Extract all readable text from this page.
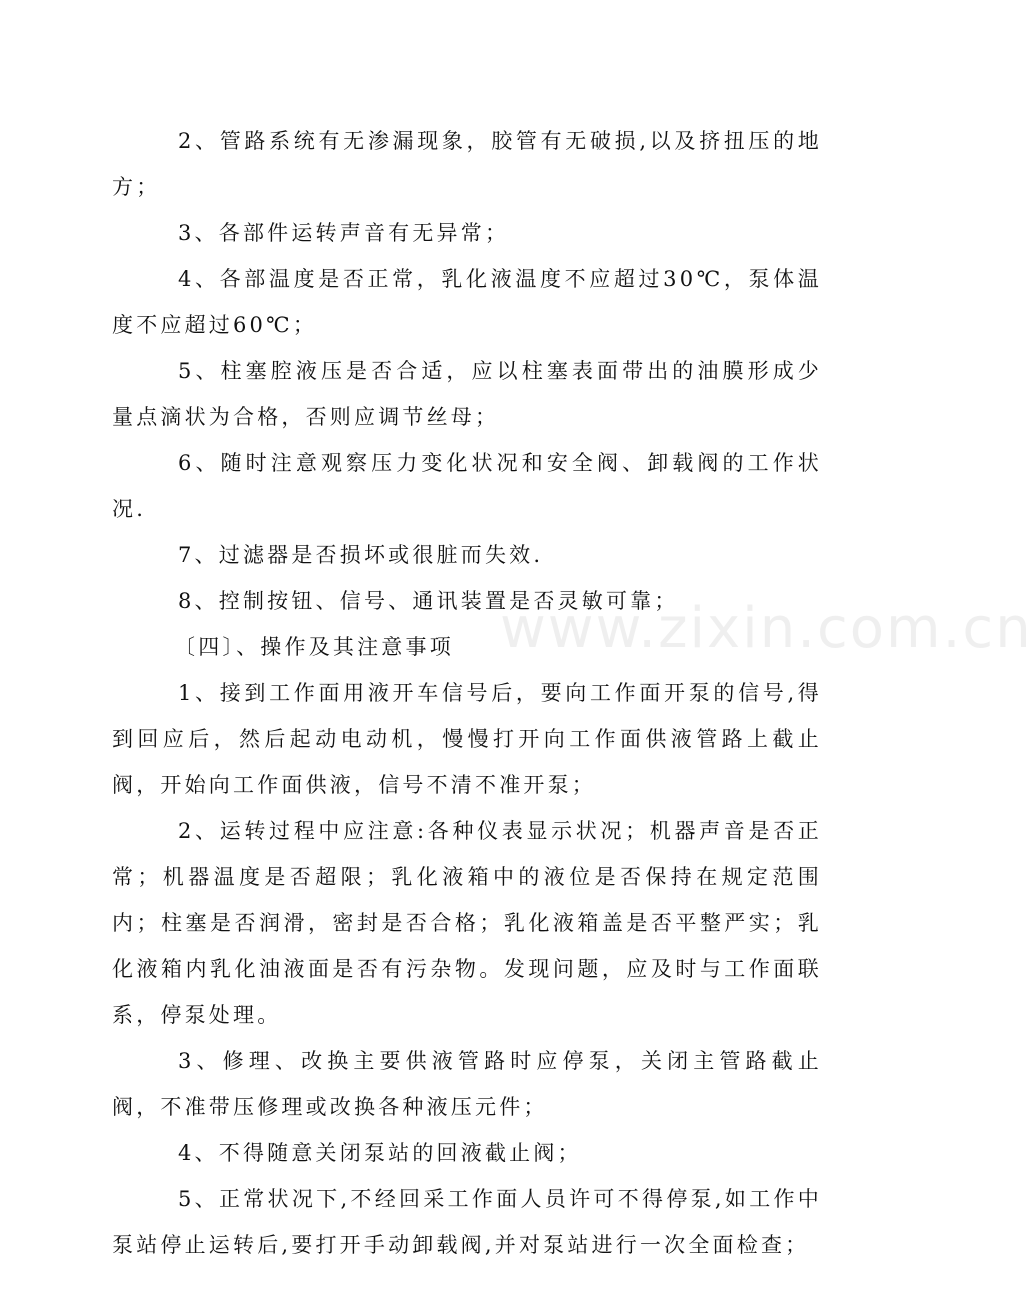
2、管路系统有无渗漏现象，胶管有无破损,以及挤扭压的地方；

3、各部件运转声音有无异常；

4、各部温度是否正常，乳化液温度不应超过30℃，泵体温度不应超过60℃；

5、柱塞腔液压是否合适，应以柱塞表面带出的油膜形成少量点滴状为合格，否则应调节丝母；

6、随时注意观察压力变化状况和安全阀、卸载阀的工作状况.

7、过滤器是否损坏或很脏而失效.

8、控制按钮、信号、通讯装置是否灵敏可靠；

〔四〕、操作及其注意事项

1、接到工作面用液开车信号后，要向工作面开泵的信号,得到回应后，然后起动电动机，慢慢打开向工作面供液管路上截止阀，开始向工作面供液，信号不清不准开泵；

2、运转过程中应注意:各种仪表显示状况；机器声音是否正常；机器温度是否超限；乳化液箱中的液位是否保持在规定范围内；柱塞是否润滑，密封是否合格；乳化液箱盖是否平整严实；乳化液箱内乳化油液面是否有污杂物。发现问题，应及时与工作面联系，停泵处理。

3、修理、改换主要供液管路时应停泵，关闭主管路截止阀，不准带压修理或改换各种液压元件；

4、不得随意关闭泵站的回液截止阀；

5、正常状况下,不经回采工作面人员许可不得停泵,如工作中泵站停止运转后,要打开手动卸载阀,并对泵站进行一次全面检查；

www.zixin.com.cn
